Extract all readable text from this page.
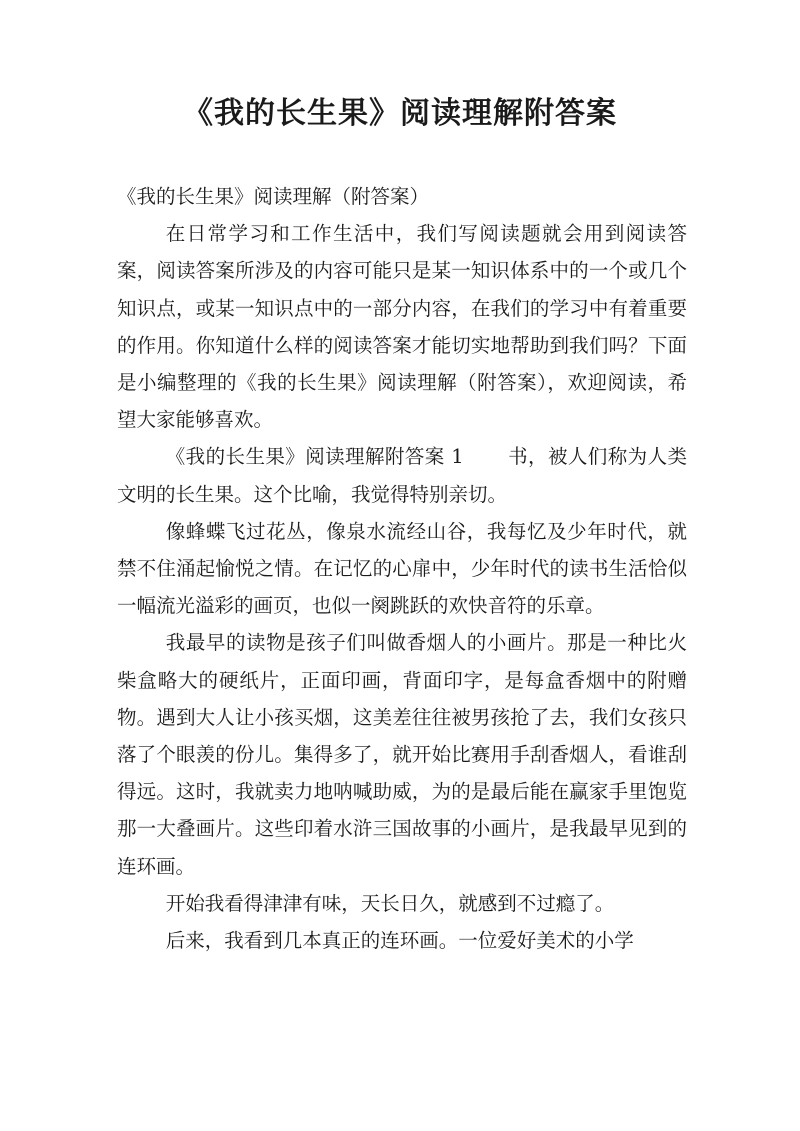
《我的长生果》阅读理解附答案

《我的长生果》阅读理解（附答案）

在日常学习和工作生活中，我们写阅读题就会用到阅读答案，阅读答案所涉及的内容可能只是某一知识体系中的一个或几个知识点，或某一知识点中的一部分内容，在我们的学习中有着重要的作用。你知道什么样的阅读答案才能切实地帮助到我们吗？下面是小编整理的《我的长生果》阅读理解（附答案），欢迎阅读，希望大家能够喜欢。

《我的长生果》阅读理解附答案 1 书，被人们称为人类文明的长生果。这个比喻，我觉得特别亲切。

像蜂蝶飞过花丛，像泉水流经山谷，我每忆及少年时代，就禁不住涌起愉悦之情。在记忆的心扉中，少年时代的读书生活恰似一幅流光溢彩的画页，也似一阕跳跃的欢快音符的乐章。

我最早的读物是孩子们叫做香烟人的小画片。那是一种比火柴盒略大的硬纸片，正面印画，背面印字，是每盒香烟中的附赠物。遇到大人让小孩买烟，这美差往往被男孩抢了去，我们女孩只落了个眼羡的份儿。集得多了，就开始比赛用手刮香烟人，看谁刮得远。这时，我就卖力地呐喊助威，为的是最后能在赢家手里饱览那一大叠画片。这些印着水浒三国故事的小画片，是我最早见到的连环画。

开始我看得津津有味，天长日久，就感到不过瘾了。

后来，我看到几本真正的连环画。一位爱好美术的小学
